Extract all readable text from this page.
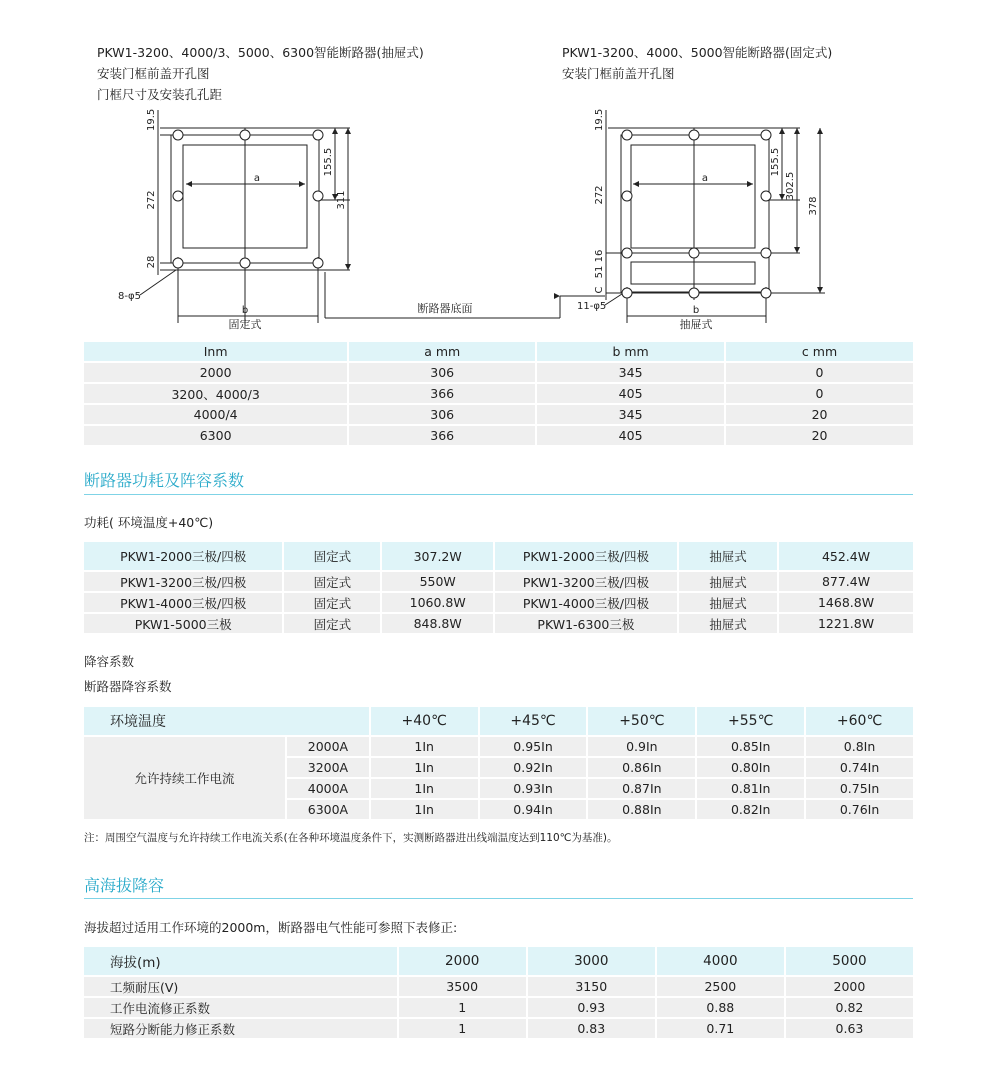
PKW1-3200、4000/3、5000、6300智能断路器(抽屉式)
安装门框前盖开孔图
门框尺寸及安装孔孔距
PKW1-3200、4000、5000智能断路器(固定式)
安装门框前盖开孔图
19.5
272
28
155.5
311
a
b
8-φ5
固定式
19.5
272
16
51
C
155.5
302.5
378
a
b
11-φ5
抽屉式
断路器底面
Inm	a mm	b mm	c mm
2000	306	345	0
3200、4000/3	366	405	0
4000/4	306	345	20
6300	366	405	20
断路器功耗及阵容系数
功耗( 环境温度+40℃)
PKW1-2000三极/四极	固定式	307.2W	PKW1-2000三极/四极	抽屉式	452.4W
PKW1-3200三极/四极	固定式	550W	PKW1-3200三极/四极	抽屉式	877.4W
PKW1-4000三极/四极	固定式	1060.8W	PKW1-4000三极/四极	抽屉式	1468.8W
PKW1-5000三极	固定式	848.8W	PKW1-6300三极	抽屉式	1221.8W
降容系数
断路器降容系数
环境温度		+40℃	+45℃	+50℃	+55℃	+60℃
允许持续工作电流	2000A	1In	0.95In	0.9In	0.85In	0.8In
	3200A	1In	0.92In	0.86In	0.80In	0.74In
	4000A	1In	0.93In	0.87In	0.81In	0.75In
	6300A	1In	0.94In	0.88In	0.82In	0.76In
注：周围空气温度与允许持续工作电流关系(在各种环境温度条件下，实测断路器进出线端温度达到110℃为基准)。
高海拔降容
海拔超过适用工作环境的2000m，断路器电气性能可参照下表修正:
海拔(m)	2000	3000	4000	5000
工频耐压(V)	3500	3150	2500	2000
工作电流修正系数	1	0.93	0.88	0.82
短路分断能力修正系数	1	0.83	0.71	0.63
